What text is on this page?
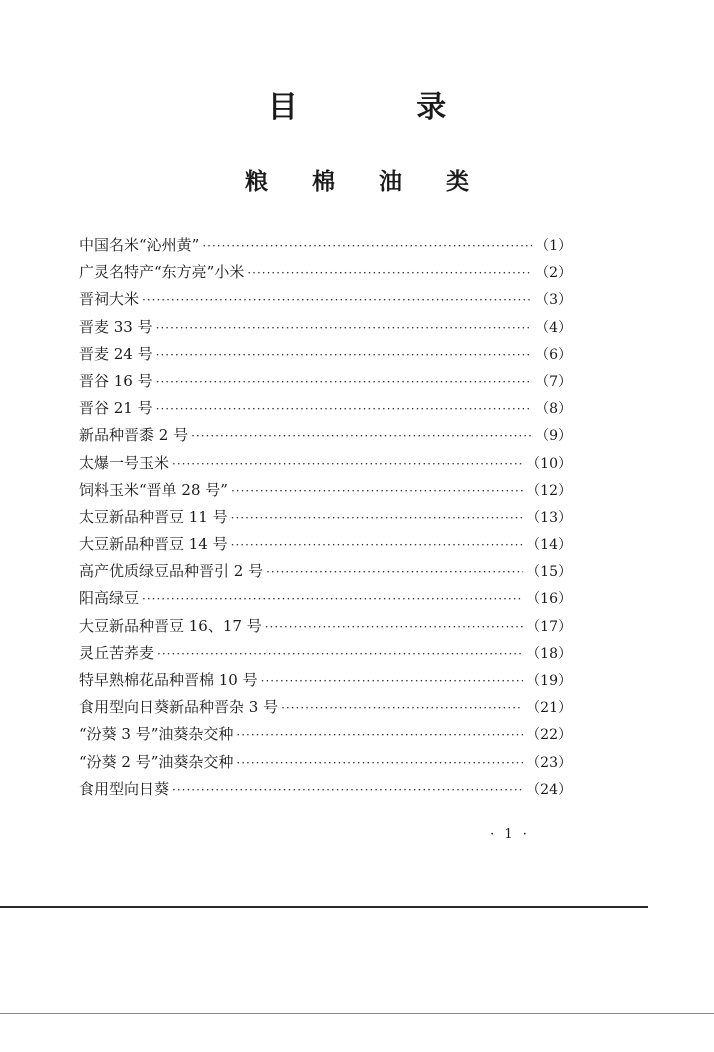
目 录
粮 棉 油 类
中国名米“沁州黄” ·····	（1）
广灵名特产“东方亮”小米 ·····	（2）
晋祠大米 ·····	（3）
晋麦 33 号 ·····	（4）
晋麦 24 号 ·····	（6）
晋谷 16 号 ·····	（7）
晋谷 21 号 ·····	（8）
新品种晋黍 2 号 ·····	（9）
太爆一号玉米 ·····	（10）
饲料玉米“晋单 28 号” ·····	（12）
太豆新品种晋豆 11 号 ·····	（13）
大豆新品种晋豆 14 号 ·····	（14）
高产优质绿豆品种晋引 2 号 ·····	（15）
阳高绿豆 ·····	（16）
大豆新品种晋豆 16、17 号 ·····	（17）
灵丘苦荞麦 ·····	（18）
特早熟棉花品种晋棉 10 号 ·····	（19）
食用型向日葵新品种晋杂 3 号 ·····	（21）
“汾葵 3 号”油葵杂交种 ·····	（22）
“汾葵 2 号”油葵杂交种 ·····	（23）
食用型向日葵 ·····	（24）
· 1 ·
